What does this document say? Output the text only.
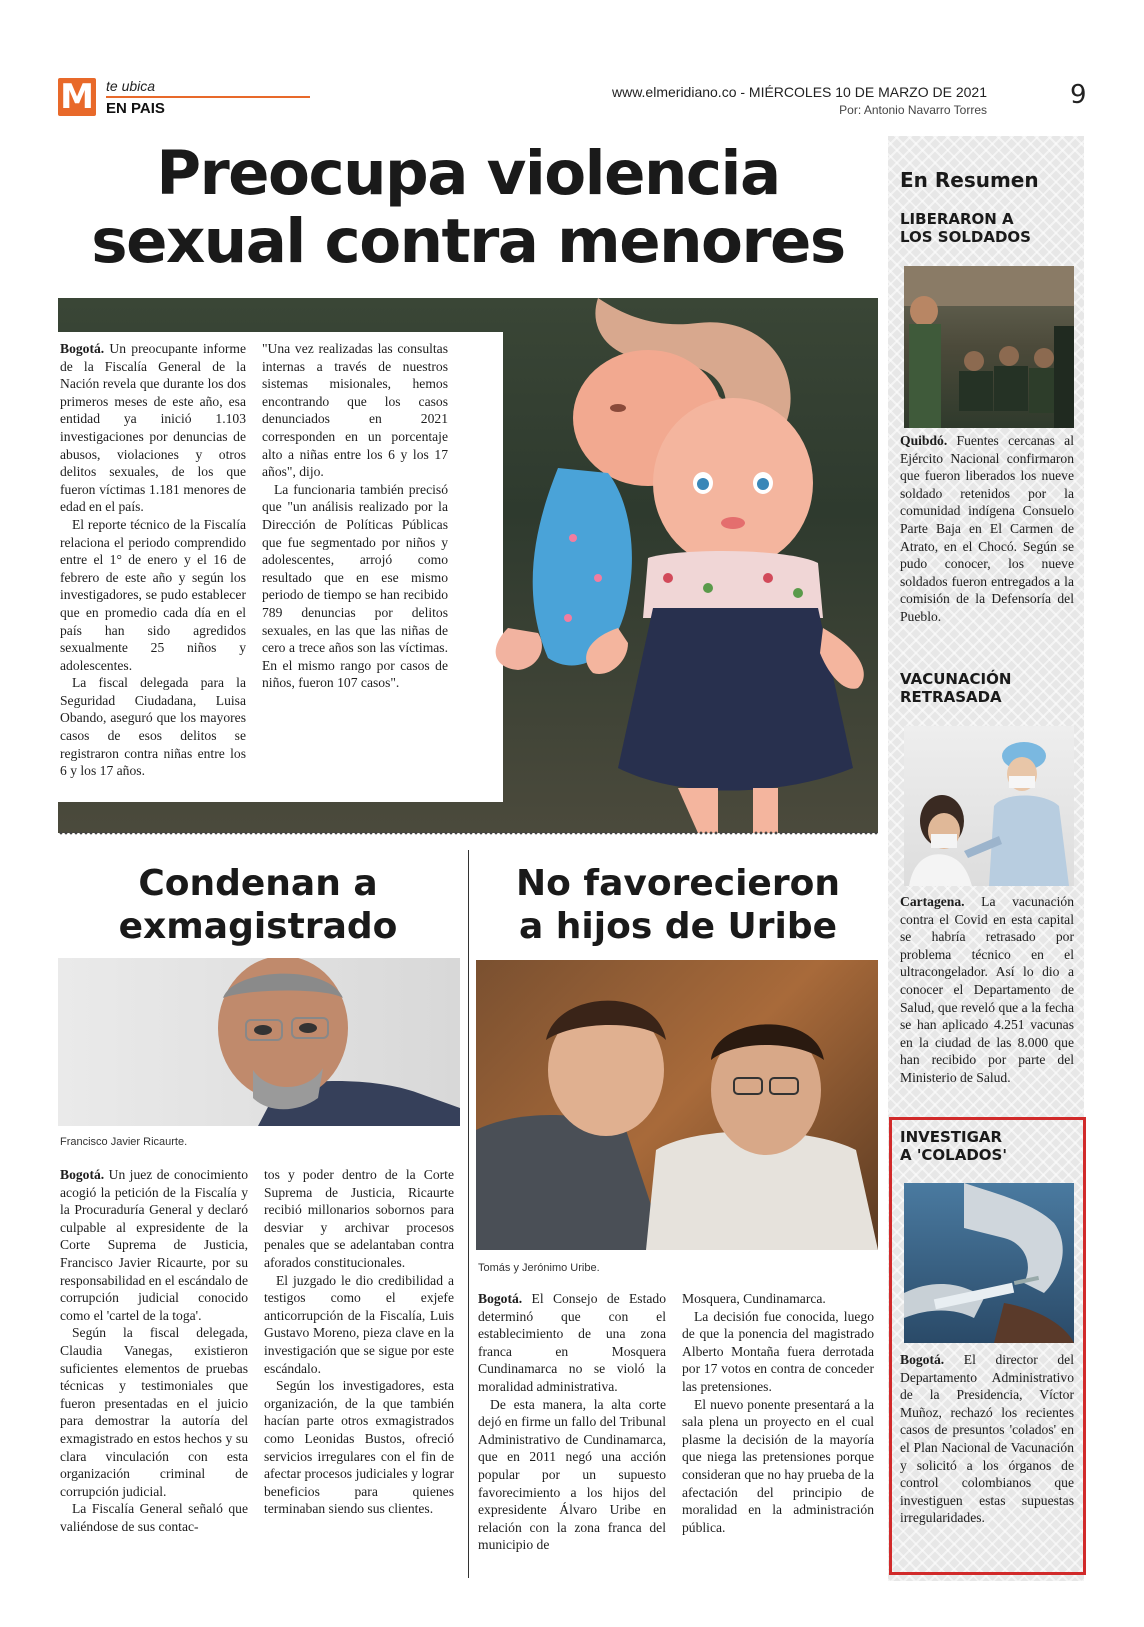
M te ubica
EN PAIS
www.elmeridiano.co - MIÉRCOLES 10 DE MARZO DE 2021
Por: Antonio Navarro Torres	9
Preocupa violencia
sexual contra menores

Bogotá. Un preocupante informe de la Fiscalía General de la Nación revela que durante los dos primeros meses de este año, esa entidad ya inició 1.103 investigaciones por denuncias de abusos, violaciones y otros delitos sexuales, de los que fueron víctimas 1.181 menores de edad en el país.

El reporte técnico de la Fiscalía relaciona el periodo comprendido entre el 1° de enero y el 16 de febrero de este año y según los investigadores, se pudo establecer que en promedio cada día en el país han sido agredidos sexualmente 25 niños y adolescentes.

La fiscal delegada para la Seguridad Ciudadana, Luisa Obando, aseguró que los mayores casos de esos delitos se registraron contra niñas entre los 6 y los 17 años.

"Una vez realizadas las consultas internas a través de nuestros sistemas misionales, hemos encontrando que los casos denunciados en 2021 corresponden en un porcentaje alto a niñas entre los 6 y los 17 años", dijo.

La funcionaria también precisó que "un análisis realizado por la Dirección de Políticas Públicas que fue segmentado por niños y adolescentes, arrojó como resultado que en ese mismo periodo de tiempo se han recibido 789 denuncias por delitos sexuales, en las que las niñas de cero a trece años son las víctimas. En el mismo rango por casos de niños, fueron 107 casos".

En Resumen
LIBERARON A
LOS SOLDADOS
Quibdó. Fuentes cercanas al Ejército Nacional confirmaron que fueron liberados los nueve soldado retenidos por la comunidad indígena Consuelo Parte Baja en El Carmen de Atrato, en el Chocó. Según se pudo conocer, los nueve soldados fueron entregados a la comisión de la Defensoría del Pueblo.
VACUNACIÓN
RETRASADA
Cartagena. La vacunación contra el Covid en esta capital se habría retrasado por problema técnico en el ultracongelador. Así lo dio a conocer el Departamento de Salud, que reveló que a la fecha se han aplicado 4.251 vacunas en la ciudad de las 8.000 que han recibido por parte del Ministerio de Salud.
INVESTIGAR
A 'COLADOS'
Bogotá. El director del Departamento Administrativo de la Presidencia, Víctor Muñoz, rechazó los recientes casos de presuntos 'colados' en el Plan Nacional de Vacunación y solicitó a los órganos de control colombianos que investiguen estas supuestas irregularidades.
Condenan a
exmagistrado
Francisco Javier Ricaurte.

Bogotá. Un juez de conocimiento acogió la petición de la Fiscalía y la Procuraduría General y declaró culpable al expresidente de la Corte Suprema de Justicia, Francisco Javier Ricaurte, por su responsabilidad en el escándalo de corrupción judicial conocido como el 'cartel de la toga'.

Según la fiscal delegada, Claudia Vanegas, existieron suficientes elementos de pruebas técnicas y testimoniales que fueron presentadas en el juicio para demostrar la autoría del exmagistrado en estos hechos y su clara vinculación con esta organización criminal de corrupción judicial.

La Fiscalía General señaló que valiéndose de sus contac-

tos y poder dentro de la Corte Suprema de Justicia, Ricaurte recibió millonarios sobornos para desviar y archivar procesos penales que se adelantaban contra aforados constitucionales.

El juzgado le dio credibilidad a testigos como el exjefe anticorrupción de la Fiscalía, Luis Gustavo Moreno, pieza clave en la investigación que se sigue por este escándalo.

Según los investigadores, esta organización, de la que también hacían parte otros exmagistrados como Leonidas Bustos, ofreció servicios irregulares con el fin de afectar procesos judiciales y lograr beneficios para quienes terminaban siendo sus clientes.

No favorecieron
a hijos de Uribe
Tomás y Jerónimo Uribe.

Bogotá. El Consejo de Estado determinó que con el establecimiento de una zona franca en Mosquera Cundinamarca no se violó la moralidad administrativa.

De esta manera, la alta corte dejó en firme un fallo del Tribunal Administrativo de Cundinamarca, que en 2011 negó una acción popular por un supuesto favorecimiento a los hijos del expresidente Álvaro Uribe en relación con la zona franca del municipio de

Mosquera, Cundinamarca.

La decisión fue conocida, luego de que la ponencia del magistrado Alberto Montaña fuera derrotada por 17 votos en contra de conceder las pretensiones.

El nuevo ponente presentará a la sala plena un proyecto en el cual plasme la decisión de la mayoría que niega las pretensiones porque consideran que no hay prueba de la afectación del principio de moralidad en la administración pública.
